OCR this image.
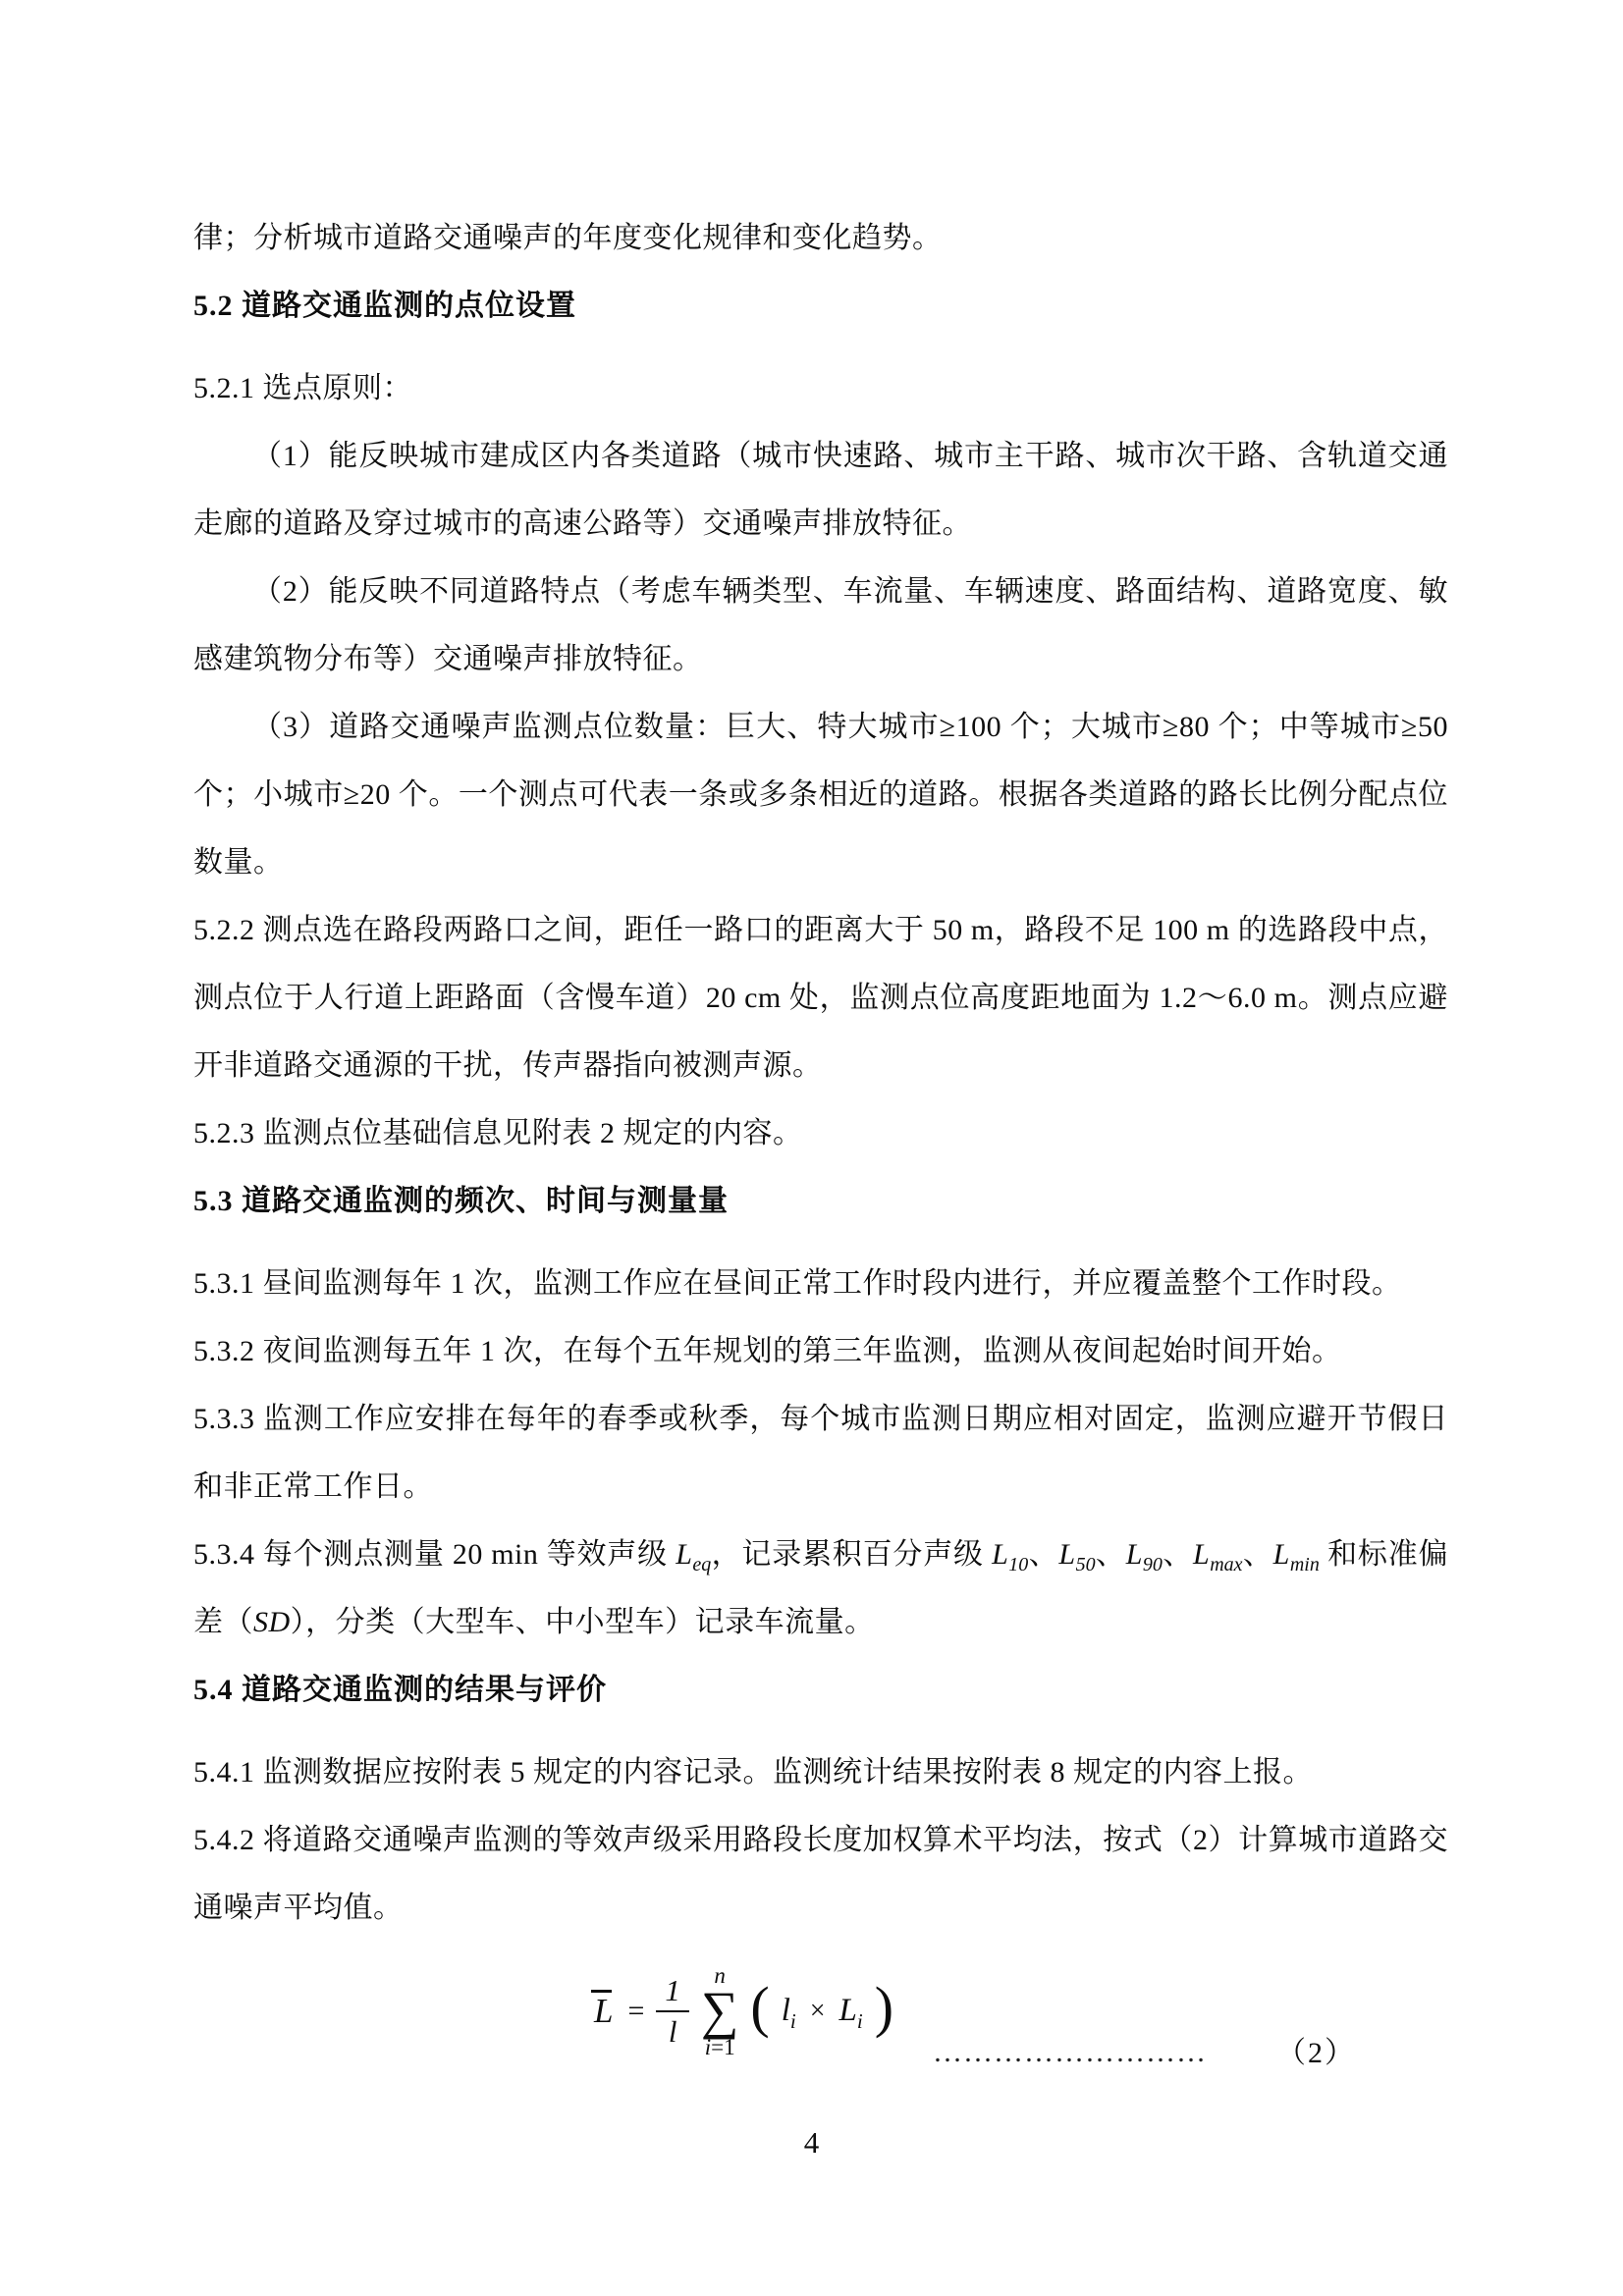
律；分析城市道路交通噪声的年度变化规律和变化趋势。

5.2 道路交通监测的点位设置

5.2.1 选点原则：

（1）能反映城市建成区内各类道路（城市快速路、城市主干路、城市次干路、含轨道交通走廊的道路及穿过城市的高速公路等）交通噪声排放特征。

（2）能反映不同道路特点（考虑车辆类型、车流量、车辆速度、路面结构、道路宽度、敏感建筑物分布等）交通噪声排放特征。

（3）道路交通噪声监测点位数量：巨大、特大城市≥100 个；大城市≥80 个；中等城市≥50 个；小城市≥20 个。一个测点可代表一条或多条相近的道路。根据各类道路的路长比例分配点位数量。

5.2.2 测点选在路段两路口之间，距任一路口的距离大于 50 m，路段不足 100 m 的选路段中点，测点位于人行道上距路面（含慢车道）20 cm 处，监测点位高度距地面为 1.2～6.0 m。测点应避开非道路交通源的干扰，传声器指向被测声源。

5.2.3 监测点位基础信息见附表 2 规定的内容。

5.3 道路交通监测的频次、时间与测量量

5.3.1 昼间监测每年 1 次，监测工作应在昼间正常工作时段内进行，并应覆盖整个工作时段。

5.3.2 夜间监测每五年 1 次，在每个五年规划的第三年监测，监测从夜间起始时间开始。

5.3.3 监测工作应安排在每年的春季或秋季，每个城市监测日期应相对固定，监测应避开节假日和非正常工作日。

5.3.4 每个测点测量 20 min 等效声级 $L_{eq}$，记录累积百分声级 $L_{10}$、$L_{50}$、$L_{90}$、$L_{max}$、$L_{min}$ 和标准偏差（SD），分类（大型车、中小型车）记录车流量。

5.4 道路交通监测的结果与评价

5.4.1 监测数据应按附表 5 规定的内容记录。监测统计结果按附表 8 规定的内容上报。

5.4.2 将道路交通噪声监测的等效声级采用路段长度加权算术平均法，按式（2）计算城市道路交通噪声平均值。

$L = \frac{1}{l}$ n
∑
i=1
( $l_i \times L_i$ )
……………………… （2）
4
